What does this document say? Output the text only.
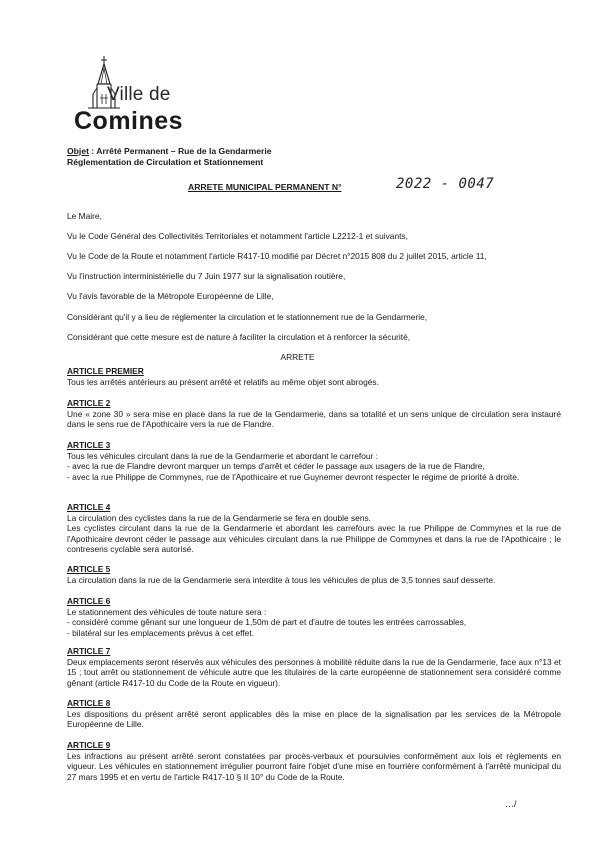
Ville de
Comines
Objet : Arrêté Permanent – Rue de la Gendarmerie
Réglementation de Circulation et Stationnement
ARRETE MUNICIPAL PERMANENT N°	2022 - 0047
Le Maire,
Vu le Code Général des Collectivités Territoriales et notamment l'article L2212-1 et suivants,
Vu le Code de la Route et notamment l'article R417-10 modifié par Décret n°2015 808 du 2 juillet 2015, article 11,
Vu l'instruction interministérielle du 7 Juin 1977 sur la signalisation routière,
Vu l'avis favorable de la Métropole Européenne de Lille,
Considérant qu'il y a lieu de réglementer la circulation et le stationnement rue de la Gendarmerie,
Considérant que cette mesure est de nature à faciliter la circulation et à renforcer la sécurité,
ARRETE
ARTICLE PREMIER
Tous les arrêtés antérieurs au présent arrêté et relatifs au même objet sont abrogés.
ARTICLE 2
Une « zone 30 » sera mise en place dans la rue de la Gendarmerie, dans sa totalité et un sens unique de circulation sera instauré dans le sens rue de l'Apothicaire vers la rue de Flandre.
ARTICLE 3
Tous les véhicules circulant dans la rue de la Gendarmerie et abordant le carrefour :
- avec la rue de Flandre devront marquer un temps d'arrêt et céder le passage aux usagers de la rue de Flandre,
- avec la rue Philippe de Commynes, rue de l'Apothicaire et rue Guynemer devront respecter le régime de priorité à droite.
ARTICLE 4
La circulation des cyclistes dans la rue de la Gendarmerie se fera en double sens.
Les cyclistes circulant dans la rue de la Gendarmerie et abordant les carrefours avec la rue Philippe de Commynes et la rue de l'Apothicaire devront céder le passage aux véhicules circulant dans la rue Philippe de Commynes et dans la rue de l'Apothicaire ; le contresens cyclable sera autorisé.
ARTICLE 5
La circulation dans la rue de la Gendarmerie sera interdite à tous les véhicules de plus de 3,5 tonnes sauf desserte.
ARTICLE 6
Le stationnement des véhicules de toute nature sera :
- considéré comme gênant sur une longueur de 1,50m de part et d'autre de toutes les entrées carrossables,
- bilatéral sur les emplacements prévus à cet effet.
ARTICLE 7
Deux emplacements seront réservés aux véhicules des personnes à mobilité réduite dans la rue de la Gendarmerie, face aux n°13 et 15 ; tout arrêt ou stationnement de véhicule autre que les titulaires de la carte européenne de stationnement sera considéré comme gênant (article R417-10 du Code de la Route en vigueur).
ARTICLE 8
Les dispositions du présent arrêté seront applicables dès la mise en place de la signalisation par les services de la Métropole Européenne de Lille.
ARTICLE 9
Les infractions au présent arrêté seront constatées par procès-verbaux et poursuivies conformément aux lois et règlements en vigueur. Les véhicules en stationnement irrégulier pourront faire l'objet d'une mise en fourrière conformément à l'arrêté municipal du 27 mars 1995 et en vertu de l'article R417-10 § II 10° du Code de la Route.
…/
